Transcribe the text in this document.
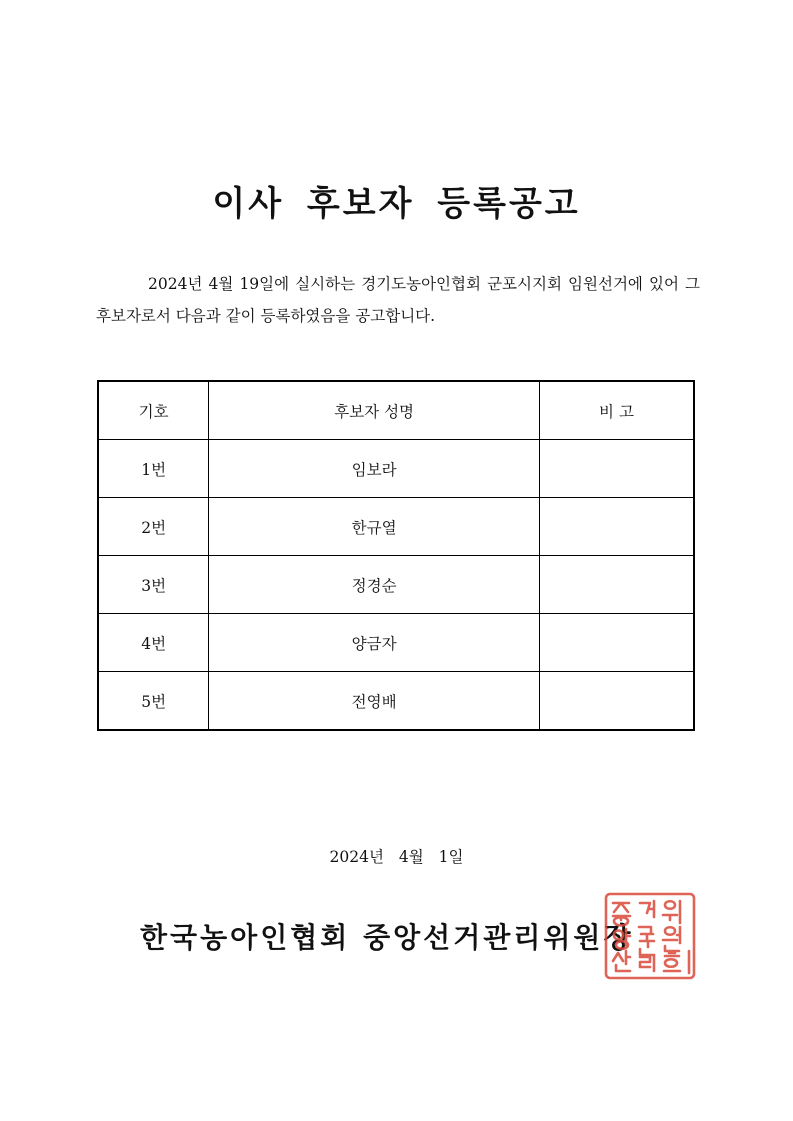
이사 후보자 등록공고

2024년 4월 19일에 실시하는 경기도농아인협회 군포시지회 임원선거에 있어 그 후보자로서 다음과 같이 등록하였음을 공고합니다.

기호	후보자 성명	비 고
1번	임보라	
2번	한규열	
3번	정경순	
4번	양금자	
5번	전영배	

2024년 4월 1일

한국농아인협회 중앙선거관리위원장
